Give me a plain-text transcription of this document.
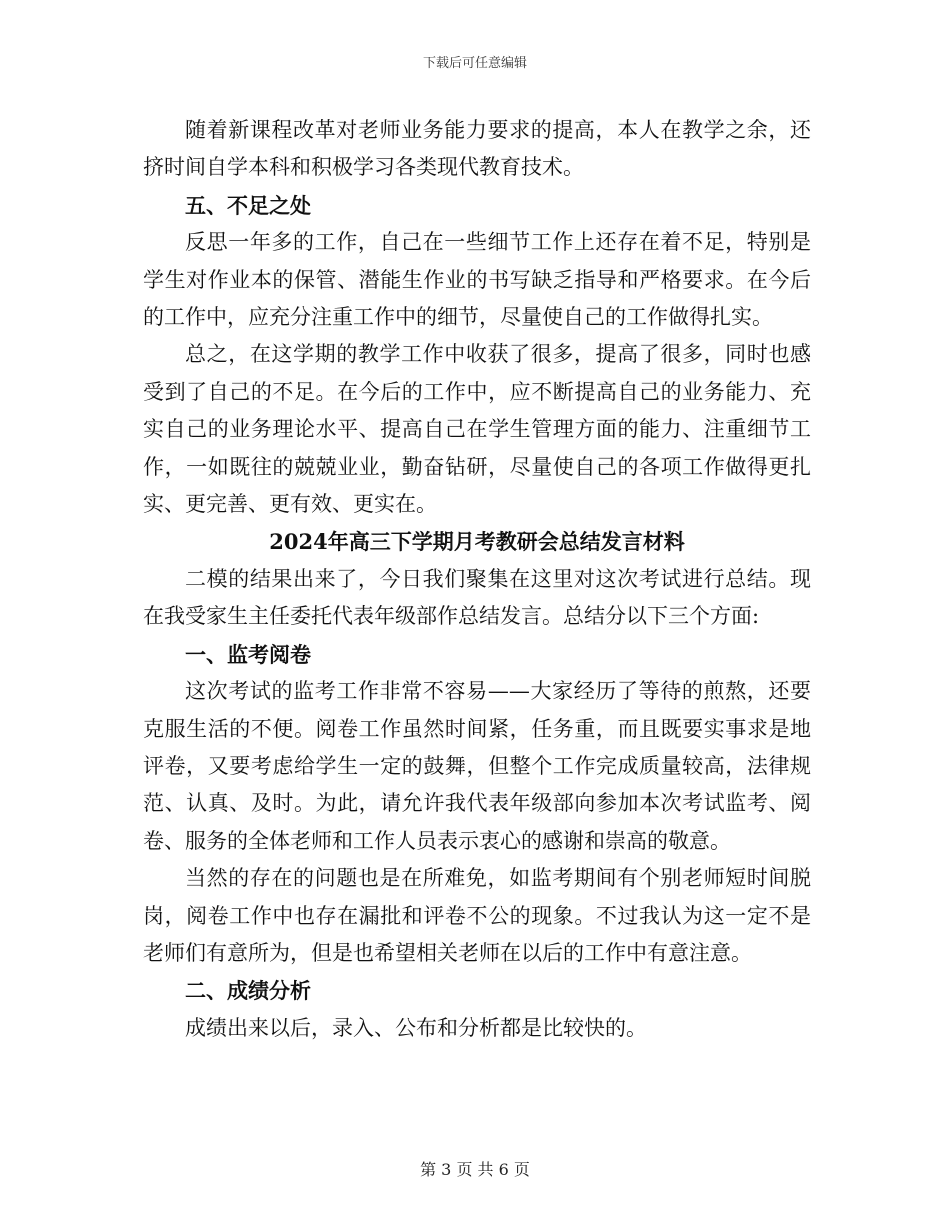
下载后可任意编辑

随着新课程改革对老师业务能力要求的提高，本人在教学之余，还挤时间自学本科和积极学习各类现代教育技术。

五、不足之处

反思一年多的工作，自己在一些细节工作上还存在着不足，特别是学生对作业本的保管、潜能生作业的书写缺乏指导和严格要求。在今后的工作中，应充分注重工作中的细节，尽量使自己的工作做得扎实。

总之，在这学期的教学工作中收获了很多，提高了很多，同时也感受到了自己的不足。在今后的工作中，应不断提高自己的业务能力、充实自己的业务理论水平、提高自己在学生管理方面的能力、注重细节工作，一如既往的兢兢业业，勤奋钻研，尽量使自己的各项工作做得更扎实、更完善、更有效、更实在。

2024年高三下学期月考教研会总结发言材料

二模的结果出来了，今日我们聚集在这里对这次考试进行总结。现在我受家生主任委托代表年级部作总结发言。总结分以下三个方面:

一、监考阅卷

这次考试的监考工作非常不容易——大家经历了等待的煎熬，还要克服生活的不便。阅卷工作虽然时间紧，任务重，而且既要实事求是地评卷，又要考虑给学生一定的鼓舞，但整个工作完成质量较高，法律规范、认真、及时。为此，请允许我代表年级部向参加本次考试监考、阅卷、服务的全体老师和工作人员表示衷心的感谢和崇高的敬意。

当然的存在的问题也是在所难免，如监考期间有个别老师短时间脱岗，阅卷工作中也存在漏批和评卷不公的现象。不过我认为这一定不是老师们有意所为，但是也希望相关老师在以后的工作中有意注意。

二、成绩分析

成绩出来以后，录入、公布和分析都是比较快的。

第 3 页 共 6 页
